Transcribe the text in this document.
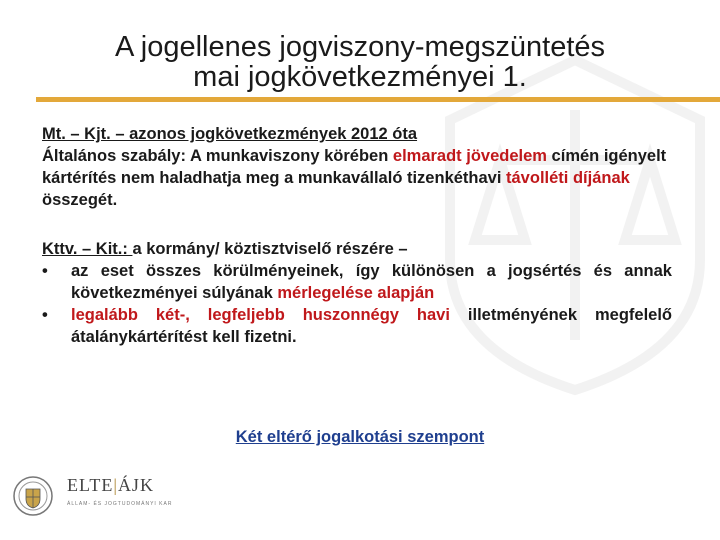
A jogellenes jogviszony-megszüntetés
mai jogkövetkezményei 1.

Mt. – Kjt. – azonos jogkövetkezmények 2012 óta

Általános szabály: A munkaviszony körében elmaradt jövedelem címén igényelt kártérítés nem haladhatja meg a munkavállaló tizenkéthavi távolléti díjának összegét.

Kttv. – Kit.: a kormány/ köztisztviselő részére –

• az eset összes körülményeinek, így különösen a jogsértés és annak következményei súlyának mérlegelése alapján
• legalább két-, legfeljebb huszonnégy havi illetményének megfelelő átalánykártérítést kell fizetni.
Két eltérő jogalkotási szempont
ELTE|ÁJK
ÁLLAM- ÉS JOGTUDOMÁNYI KAR
